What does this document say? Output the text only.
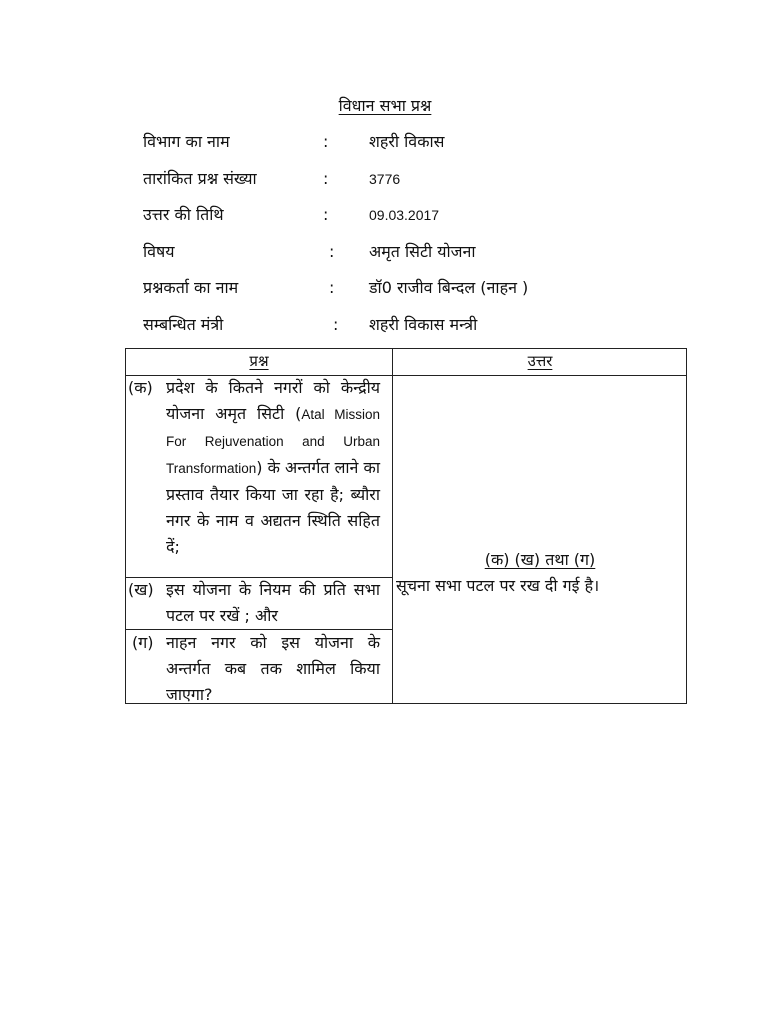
विधान सभा प्रश्न
विभाग का नाम	:	शहरी विकास
तारांकित प्रश्न संख्या	:	3776
उत्तर की तिथि	:	09.03.2017
विषय	: अमृत सिटी योजना
प्रश्नकर्ता का नाम	: डॉ0 राजीव बिन्दल (नाहन )
सम्बन्धित मंत्री	: शहरी विकास मन्त्री
प्रश्न	उत्तर
(क) प्रदेश के कितने नगरों को केन्द्रीय योजना अमृत सिटी (Atal Mission For Rejuvenation and Urban Transformation) के अन्तर्गत लाने का प्रस्ताव तैयार किया जा रहा है; ब्यौरा नगर के नाम व अद्यतन स्थिति सहित दें;
(ख) इस योजना के नियम की प्रति सभा पटल पर रखें ; और
(ग) नाहन नगर को इस योजना के अन्तर्गत कब तक शामिल किया जाएगा?
(क) (ख) तथा (ग)
सूचना सभा पटल पर रख दी गई है।
